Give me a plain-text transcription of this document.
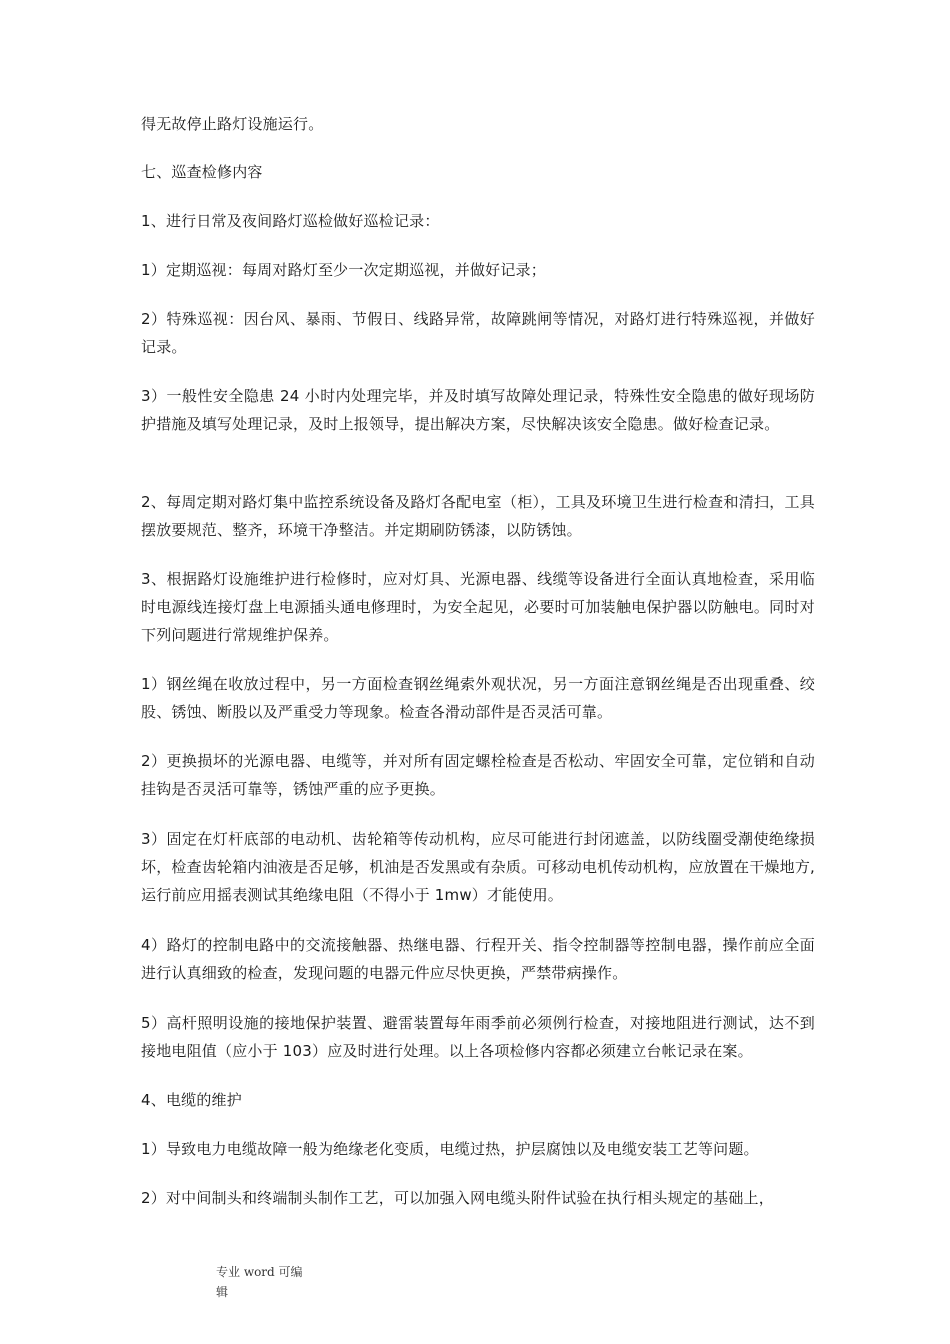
得无故停止路灯设施运行。

七、巡查检修内容

1、进行日常及夜间路灯巡检做好巡检记录：

1）定期巡视：每周对路灯至少一次定期巡视，并做好记录；

2）特殊巡视：因台风、暴雨、节假日、线路异常，故障跳闸等情况，对路灯进行特殊巡视，并做好记录。

3）一般性安全隐患 24 小时内处理完毕，并及时填写故障处理记录，特殊性安全隐患的做好现场防护措施及填写处理记录，及时上报领导，提出解决方案，尽快解决该安全隐患。做好检查记录。

2、每周定期对路灯集中监控系统设备及路灯各配电室（柜），工具及环境卫生进行检查和清扫，工具摆放要规范、整齐，环境干净整洁。并定期刷防锈漆，以防锈蚀。

3、根据路灯设施维护进行检修时，应对灯具、光源电器、线缆等设备进行全面认真地检查，采用临时电源线连接灯盘上电源插头通电修理时，为安全起见，必要时可加装触电保护器以防触电。同时对下列问题进行常规维护保养。

1）钢丝绳在收放过程中，另一方面检查钢丝绳索外观状况，另一方面注意钢丝绳是否出现重叠、绞股、锈蚀、断股以及严重受力等现象。检查各滑动部件是否灵活可靠。

2）更换损坏的光源电器、电缆等，并对所有固定螺栓检查是否松动、牢固安全可靠，定位销和自动挂钩是否灵活可靠等，锈蚀严重的应予更换。

3）固定在灯杆底部的电动机、齿轮箱等传动机构，应尽可能进行封闭遮盖，以防线圈受潮使绝缘损坏，检查齿轮箱内油液是否足够，机油是否发黑或有杂质。可移动电机传动机构，应放置在干燥地方,运行前应用摇表测试其绝缘电阻（不得小于 1mw）才能使用。

4）路灯的控制电路中的交流接触器、热继电器、行程开关、指令控制器等控制电器，操作前应全面进行认真细致的检查，发现问题的电器元件应尽快更换，严禁带病操作。

5）高杆照明设施的接地保护装置、避雷装置每年雨季前必须例行检查，对接地阻进行测试，达不到接地电阻值（应小于 103）应及时进行处理。以上各项检修内容都必须建立台帐记录在案。

4、电缆的维护

1）导致电力电缆故障一般为绝缘老化变质，电缆过热，护层腐蚀以及电缆安装工艺等问题。

2）对中间制头和终端制头制作工艺，可以加强入网电缆头附件试验在执行相头规定的基础上，

专业 word 可编
辑
